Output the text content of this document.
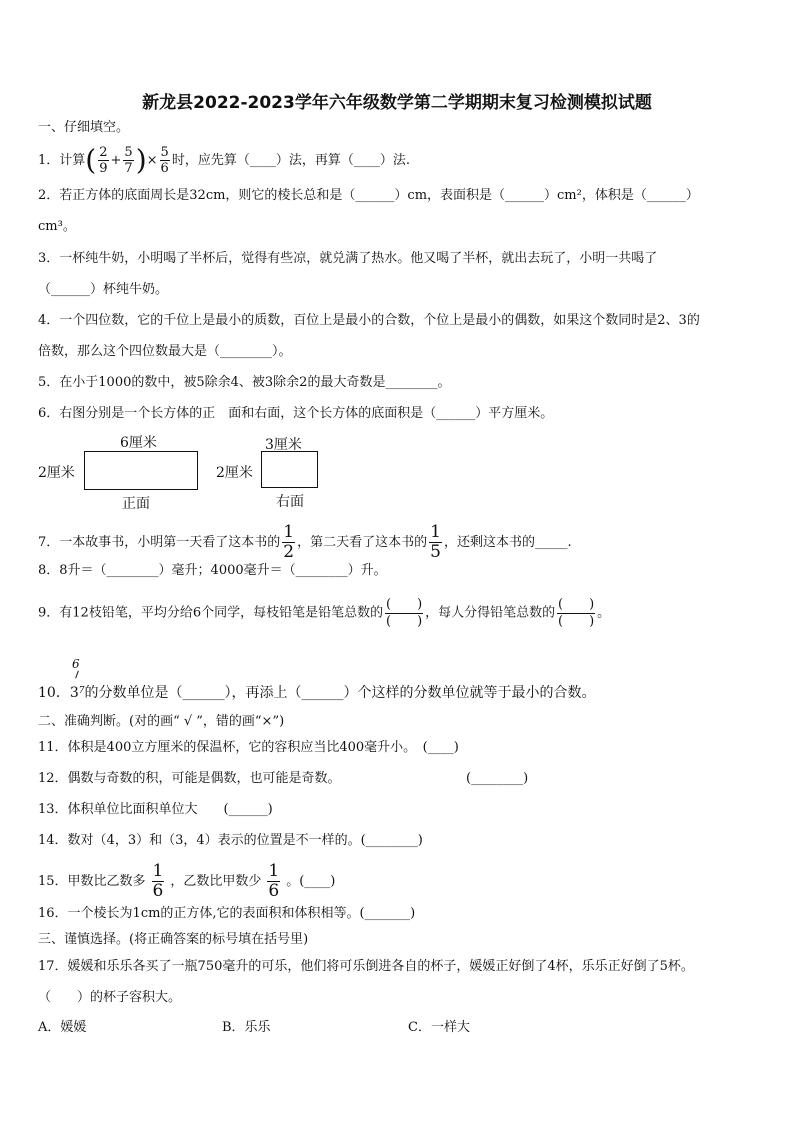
新龙县2022-2023学年六年级数学第二学期期末复习检测模拟试题
一、仔细填空。
1．计算( $\frac{2}{9} + \frac{5}{7}$ )× $\frac{5}{6}$ 时，应先算（____）法，再算（____）法.
2．若正方体的底面周长是32cm，则它的棱长总和是（______）cm，表面积是（______）cm²，体积是（______）
cm³。
3．一杯纯牛奶，小明喝了半杯后，觉得有些凉，就兑满了热水。他又喝了半杯，就出去玩了，小明一共喝了
（______）杯纯牛奶。
4．一个四位数，它的千位上是最小的质数，百位上是最小的合数，个位上是最小的偶数，如果这个数同时是2、3的
倍数，那么这个四位数最大是（________）。
5．在小于1000的数中，被5除余4、被3除余2的最大奇数是________。
6．右图分别是一个长方体的正　面和右面，这个长方体的底面积是（______）平方厘米。
6厘米
2厘米
正面
3厘米
2厘米
右面
7．一本故事书，小明第一天看了这本书的 $\frac{1}{2}$ ，第二天看了这本书的 $\frac{1}{5}$ ，还剩这本书的_____.
8．8升＝（________）毫升；4000毫升＝（________）升。
9．有12枝铅笔，平均分给6个同学，每枝铅笔是铅笔总数的 $\frac{( )}{( )}$ ，每人分得铅笔总数的 $\frac{( )}{( )}$ 。
6
10．$3^7$的分数单位是（______），再添上（______）个这样的分数单位就等于最小的合数。
二、准确判断。(对的画“ √ ”，错的画“×”)
11．体积是400立方厘米的保温杯，它的容积应当比400毫升小。　(____)
12．偶数与奇数的积，可能是偶数，也可能是奇数。	(________)
13．体积单位比面积单位大　　(______)
14．数对（4，3）和（3，4）表示的位置是不一样的。(________)
15．甲数比乙数多 $\frac{1}{6}$ ，乙数比甲数少 $\frac{1}{6}$ 。(____)
16．一个棱长为1cm的正方体,它的表面积和体积相等。(_______)
三、谨慎选择。(将正确答案的标号填在括号里)
17．媛媛和乐乐各买了一瓶750毫升的可乐，他们将可乐倒进各自的杯子，媛媛正好倒了4杯，乐乐正好倒了5杯。
（　　）的杯子容积大。
A．媛媛	B．乐乐	C．一样大
